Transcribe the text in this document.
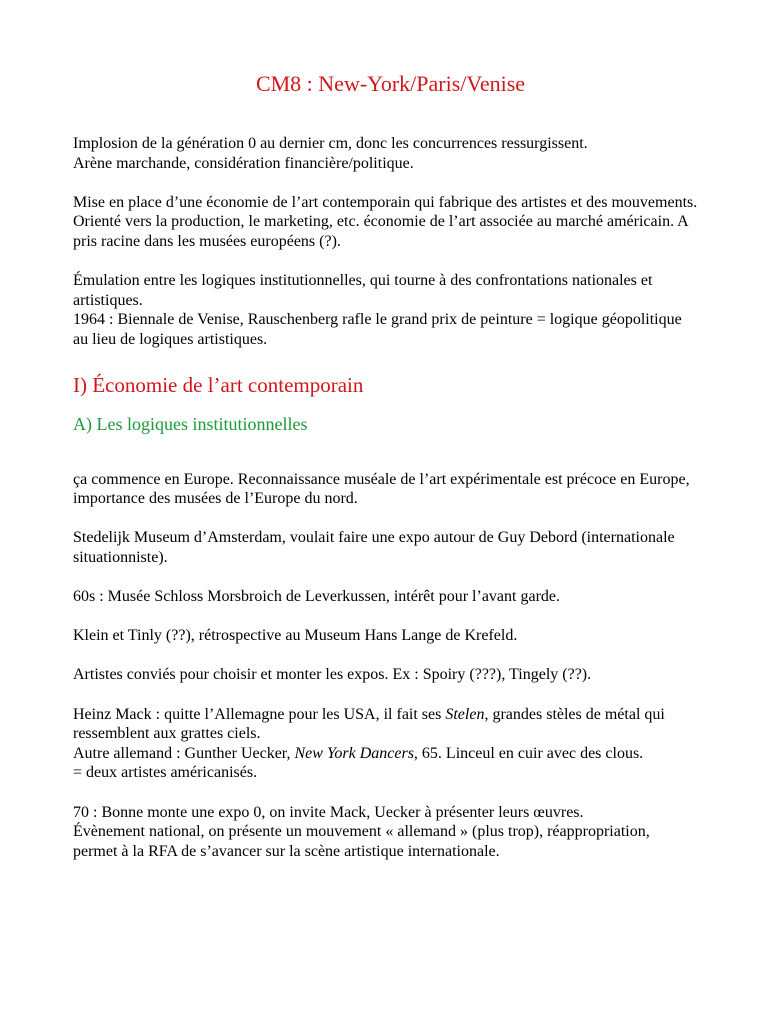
CM8 : New-York/Paris/Venise

Implosion de la génération 0 au dernier cm, donc les concurrences ressurgissent.

Arène marchande, considération financière/politique.

Mise en place d’une économie de l’art contemporain qui fabrique des artistes et des mouvements.

Orienté vers la production, le marketing, etc. économie de l’art associée au marché américain. A pris racine dans les musées européens (?).

Émulation entre les logiques institutionnelles, qui tourne à des confrontations nationales et artistiques.

1964 : Biennale de Venise, Rauschenberg rafle le grand prix de peinture = logique géopolitique au lieu de logiques artistiques.

I) Économie de l’art contemporain
A) Les logiques institutionnelles

ça commence en Europe. Reconnaissance muséale de l’art expérimentale est précoce en Europe, importance des musées de l’Europe du nord.

Stedelijk Museum d’Amsterdam, voulait faire une expo autour de Guy Debord (internationale situationniste).

60s : Musée Schloss Morsbroich de Leverkussen, intérêt pour l’avant garde.

Klein et Tinly (??), rétrospective au Museum Hans Lange de Krefeld.

Artistes conviés pour choisir et monter les expos. Ex : Spoiry (???), Tingely (??).

Heinz Mack : quitte l’Allemagne pour les USA, il fait ses Stelen, grandes stèles de métal qui ressemblent aux grattes ciels.

Autre allemand : Gunther Uecker, New York Dancers, 65. Linceul en cuir avec des clous.

= deux artistes américanisés.

70 : Bonne monte une expo 0, on invite Mack, Uecker à présenter leurs œuvres.

Évènement national, on présente un mouvement « allemand » (plus trop), réappropriation, permet à la RFA de s’avancer sur la scène artistique internationale.
